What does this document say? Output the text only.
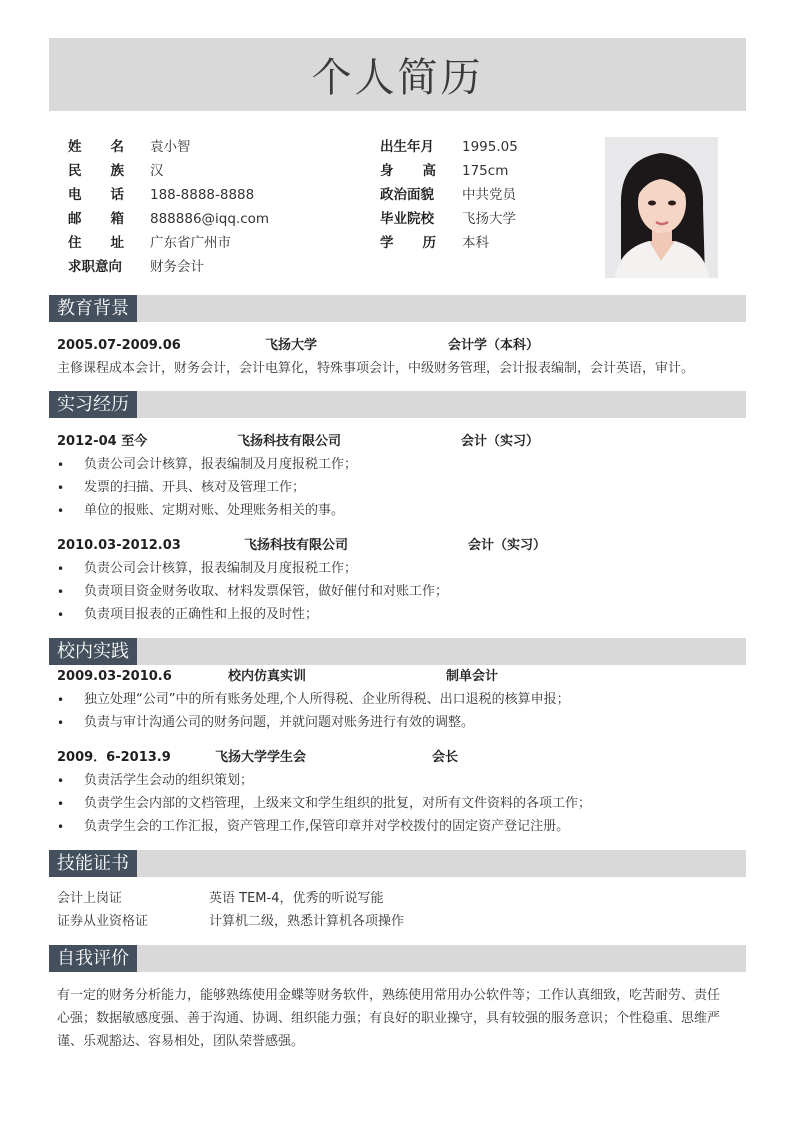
个人简历
姓 名 袁小智
民 族 汉
电 话 188-8888-8888
邮 箱 888886@iqq.com
住 址 广东省广州市
求职意向 财务会计
出生年月 1995.05
身 高 175cm
政治面貌 中共党员
毕业院校 飞扬大学
学 历 本科
教育背景
2005.07-2009.06	飞扬大学	会计学（本科）
主修课程成本会计，财务会计，会计电算化，特殊事项会计，中级财务管理，会计报表编制，会计英语，审计。
实习经历
2012-04 至今	飞扬科技有限公司	会计（实习）
• 负责公司会计核算，报表编制及月度报税工作；
• 发票的扫描、开具、核对及管理工作；
• 单位的报账、定期对账、处理账务相关的事。
2010.03-2012.03	飞扬科技有限公司	会计（实习）
• 负责公司会计核算，报表编制及月度报税工作；
• 负责项目资金财务收取、材料发票保管，做好催付和对账工作；
• 负责项目报表的正确性和上报的及时性；
校内实践
2009.03-2010.6	校内仿真实训	制单会计
• 独立处理“公司”中的所有账务处理,个人所得税、企业所得税、出口退税的核算申报；
• 负责与审计沟通公司的财务问题，并就问题对账务进行有效的调整。
2009．6-2013.9	飞扬大学学生会	会长
• 负责活学生会动的组织策划；
• 负责学生会内部的文档管理，上级来文和学生组织的批复，对所有文件资料的各项工作；
• 负责学生会的工作汇报，资产管理工作,保管印章并对学校拨付的固定资产登记注册。
技能证书
会计上岗证	英语 TEM-4，优秀的听说写能
证券从业资格证	计算机二级，熟悉计算机各项操作
自我评价
有一定的财务分析能力，能够熟练使用金蝶等财务软件，熟练使用常用办公软件等；工作认真细致，吃苦耐劳、责任
心强；数据敏感度强、善于沟通、协调、组织能力强；有良好的职业操守，具有较强的服务意识；个性稳重、思维严
谨、乐观豁达、容易相处，团队荣誉感强。
